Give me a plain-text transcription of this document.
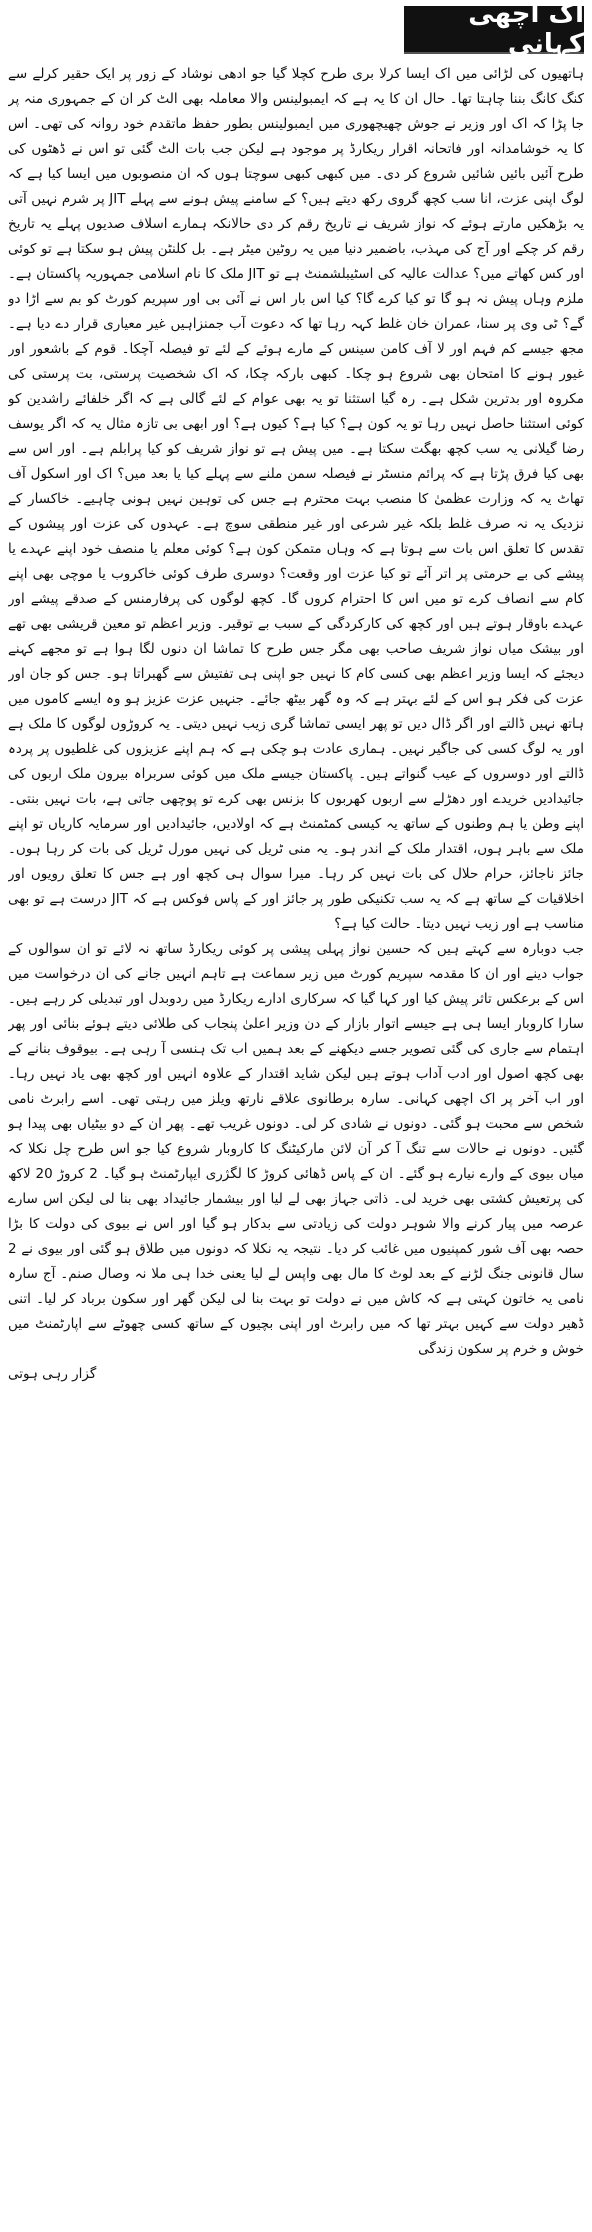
اک اچھی کہانی

ہاتھیوں کی لڑائی میں اک ایسا کرلا بری طرح کچلا گیا جو ادھی نوشاد کے زور پر ایک حقیر کرلے سے کنگ کانگ بننا چاہتا تھا۔ حال ان کا یہ ہے کہ ایمبولینس والا معاملہ بھی الٹ کر ان کے جمہوری منہ پر جا پڑا کہ اک اور وزیر نے جوش چھیچھوری میں ایمبولینس بطور حفظ ماتقدم خود روانہ کی تھی۔ اس کا یہ خوشامدانہ اور فاتحانہ اقرار ریکارڈ پر موجود ہے لیکن جب بات الٹ گئی تو اس نے ڈھٹوں کی طرح آئیں بائیں شائیں شروع کر دی۔ میں کبھی کبھی سوچتا ہوں کہ ان منصوبوں میں ایسا کیا ہے کہ لوگ اپنی عزت، انا سب کچھ گروی رکھ دیتے ہیں؟ کے سامنے پیش ہونے سے پہلے JIT پر شرم نہیں آتی یہ بڑھکیں مارتے ہوئے کہ نواز شریف نے تاریخ رقم کر دی حالانکہ ہمارے اسلاف صدیوں پہلے یہ تاریخ رقم کر چکے اور آج کی مہذب، باضمیر دنیا میں یہ روٹین میٹر ہے۔ بل کلنٹن پیش ہو سکتا ہے تو کوئی اور کس کھاتے میں؟ عدالت عالیہ کی اسٹیبلشمنٹ ہے تو JIT ملک کا نام اسلامی جمہوریہ پاکستان ہے۔ ملزم وہاں پیش نہ ہو گا تو کیا کرے گا؟ کیا اس بار اس نے آئی بی اور سپریم کورٹ کو بم سے اڑا دو گے؟ ٹی وی پر سنا، عمران خان غلط کہہ رہا تھا کہ دعوت آب جمنزاہیں غیر معیاری قرار دے دیا ہے۔ مجھ جیسے کم فہم اور لا آف کامن سینس کے مارے ہوئے کے لئے تو فیصلہ آچکا۔ قوم کے باشعور اور غیور ہونے کا امتحان بھی شروع ہو چکا۔ کبھی بارکہ چکا، کہ اک شخصیت پرستی، بت پرستی کی مکروہ اور بدترین شکل ہے۔ رہ گیا استثنا تو یہ بھی عوام کے لئے گالی ہے کہ اگر خلفائے راشدین کو کوئی استثنا حاصل نہیں رہا تو یہ کون ہے؟ کیا ہے؟ کیوں ہے؟ اور ابھی بی تازہ مثال یہ کہ اگر یوسف رضا گیلانی یہ سب کچھ بھگت سکتا ہے۔ میں پیش ہے تو نواز شریف کو کیا پرابلم ہے۔ اور اس سے بھی کیا فرق پڑتا ہے کہ پرائم منسٹر نے فیصلہ سمن ملنے سے پہلے کیا یا بعد میں؟ اک اور اسکول آف تھاٹ یہ کہ وزارت عظمیٰ کا منصب بہت محترم ہے جس کی توہین نہیں ہونی چاہیے۔ خاکسار کے نزدیک یہ نہ صرف غلط بلکہ غیر شرعی اور غیر منطقی سوچ ہے۔ عہدوں کی عزت اور پیشوں کے تقدس کا تعلق اس بات سے ہوتا ہے کہ وہاں متمکن کون ہے؟ کوئی معلم یا منصف خود اپنے عہدے یا پیشے کی بے حرمتی پر اتر آئے تو کیا عزت اور وقعت؟ دوسری طرف کوئی خاکروب یا موچی بھی اپنے کام سے انصاف کرے تو میں اس کا احترام کروں گا۔ کچھ لوگوں کی پرفارمنس کے صدقے پیشے اور عہدے باوقار ہوتے ہیں اور کچھ کی کارکردگی کے سبب بے توقیر۔ وزیر اعظم تو معین قریشی بھی تھے اور بیشک میاں نواز شریف صاحب بھی مگر جس طرح کا تماشا ان دنوں لگا ہوا ہے تو مجھے کہنے دیجئے کہ ایسا وزیر اعظم بھی کسی کام کا نہیں جو اپنی ہی تفتیش سے گھبراتا ہو۔ جس کو جان اور عزت کی فکر ہو اس کے لئے بہتر ہے کہ وہ گھر بیٹھ جائے۔ جنہیں عزت عزیز ہو وہ ایسے کاموں میں ہاتھ نہیں ڈالتے اور اگر ڈال دیں تو پھر ایسی تماشا گری زیب نہیں دیتی۔ یہ کروڑوں لوگوں کا ملک ہے اور یہ لوگ کسی کی جاگیر نہیں۔ ہماری عادت ہو چکی ہے کہ ہم اپنے عزیزوں کی غلطیوں پر پردہ ڈالتے اور دوسروں کے عیب گنواتے ہیں۔ پاکستان جیسے ملک میں کوئی سربراہ بیرون ملک اربوں کی جائیدادیں خریدے اور دھڑلے سے اربوں کھربوں کا بزنس بھی کرے تو پوچھی جاتی ہے، بات نہیں بنتی۔ اپنے وطن یا ہم وطنوں کے ساتھ یہ کیسی کمٹمنٹ ہے کہ اولادیں، جائیدادیں اور سرمایہ کاریاں تو اپنے ملک سے باہر ہوں، اقتدار ملک کے اندر ہو۔ یہ منی ٹریل کی نہیں مورل ٹریل کی بات کر رہا ہوں۔ جائز ناجائز، حرام حلال کی بات نہیں کر رہا۔ میرا سوال ہی کچھ اور ہے جس کا تعلق رویوں اور اخلاقیات کے ساتھ ہے کہ یہ سب تکنیکی طور پر جائز اور کے پاس فوکس ہے کہ JIT درست ہے تو بھی مناسب ہے اور زیب نہیں دیتا۔ حالت کیا ہے؟

جب دوبارہ سے کہتے ہیں کہ حسین نواز پہلی پیشی پر کوئی ریکارڈ ساتھ نہ لائے تو ان سوالوں کے جواب دینے اور ان کا مقدمہ سپریم کورٹ میں زیر سماعت ہے تاہم انہیں جانے کی ان درخواست میں اس کے برعکس تاثر پیش کیا اور کہا گیا کہ سرکاری ادارے ریکارڈ میں ردوبدل اور تبدیلی کر رہے ہیں۔ سارا کاروبار ایسا ہی ہے جیسے اتوار بازار کے دن وزیر اعلیٰ پنجاب کی طلائی دیتے ہوئے بنائی اور پھر اہتمام سے جاری کی گئی تصویر جسے دیکھنے کے بعد ہمیں اب تک ہنسی آ رہی ہے۔ بیوقوف بنانے کے بھی کچھ اصول اور ادب آداب ہوتے ہیں لیکن شاید اقتدار کے علاوہ انہیں اور کچھ بھی یاد نہیں رہا۔ اور اب آخر پر اک اچھی کہانی۔ سارہ برطانوی علاقے نارتھ ویلز میں رہتی تھی۔ اسے رابرٹ نامی شخص سے محبت ہو گئی۔ دونوں نے شادی کر لی۔ دونوں غریب تھے۔ پھر ان کے دو بیٹیاں بھی پیدا ہو گئیں۔ دونوں نے حالات سے تنگ آ کر آن لائن مارکیٹنگ کا کاروبار شروع کیا جو اس طرح چل نکلا کہ میاں بیوی کے وارے نیارے ہو گئے۔ ان کے پاس ڈھائی کروڑ کا لگژری ایپارٹمنٹ ہو گیا۔ 2 کروڑ 20 لاکھ کی پرتعیش کشتی بھی خرید لی۔ ذاتی جہاز بھی لے لیا اور بیشمار جائیداد بھی بنا لی لیکن اس سارے عرصہ میں پیار کرنے والا شوہر دولت کی زیادتی سے بدکار ہو گیا اور اس نے بیوی کی دولت کا بڑا حصہ بھی آف شور کمپنیوں میں غائب کر دیا۔ نتیجہ یہ نکلا کہ دونوں میں طلاق ہو گئی اور بیوی نے 2 سال قانونی جنگ لڑنے کے بعد لوٹ کا مال بھی واپس لے لیا یعنی خدا ہی ملا نہ وصال صنم۔ آج سارہ نامی یہ خاتون کہتی ہے کہ کاش میں نے دولت تو بہت بنا لی لیکن گھر اور سکون برباد کر لیا۔ اتنی ڈھیر دولت سے کہیں بہتر تھا کہ میں رابرٹ اور اپنی بچیوں کے ساتھ کسی چھوٹے سے اپارٹمنٹ میں خوش و خرم پر سکون زندگی

گزار رہی ہوتی
